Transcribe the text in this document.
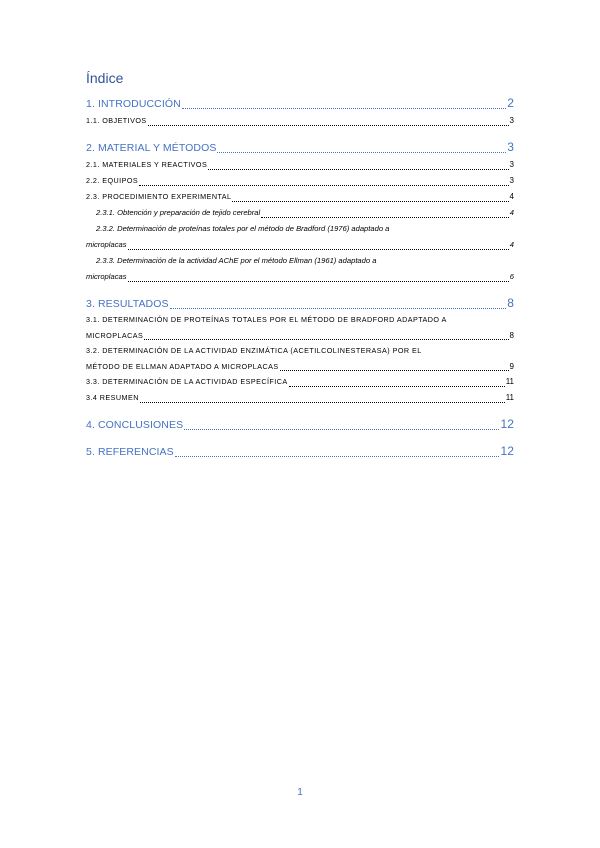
Índice
1. INTRODUCCIÓN	2
1.1. OBJETIVOS	3
2. MATERIAL Y MÉTODOS	3
2.1. MATERIALES Y REACTIVOS	3
2.2. EQUIPOS	3
2.3. PROCEDIMIENTO EXPERIMENTAL	4
2.3.1. Obtención y preparación de tejido cerebral	4
2.3.2. Determinación de proteínas totales por el método de Bradford (1976) adaptado a
microplacas	4
2.3.3. Determinación de la actividad AChE por el método Ellman (1961) adaptado a
microplacas	6
3. RESULTADOS	8
3.1. DETERMINACIÓN DE PROTEÍNAS TOTALES POR EL MÉTODO DE BRADFORD ADAPTADO A
MICROPLACAS	8
3.2. DETERMINACIÓN DE LA ACTIVIDAD ENZIMÁTICA (ACETILCOLINESTERASA) POR EL
MÉTODO DE ELLMAN ADAPTADO A MICROPLACAS	9
3.3. DETERMINACIÓN DE LA ACTIVIDAD ESPECÍFICA	11
3.4 RESUMEN	11
4. CONCLUSIONES	12
5. REFERENCIAS	12
1
